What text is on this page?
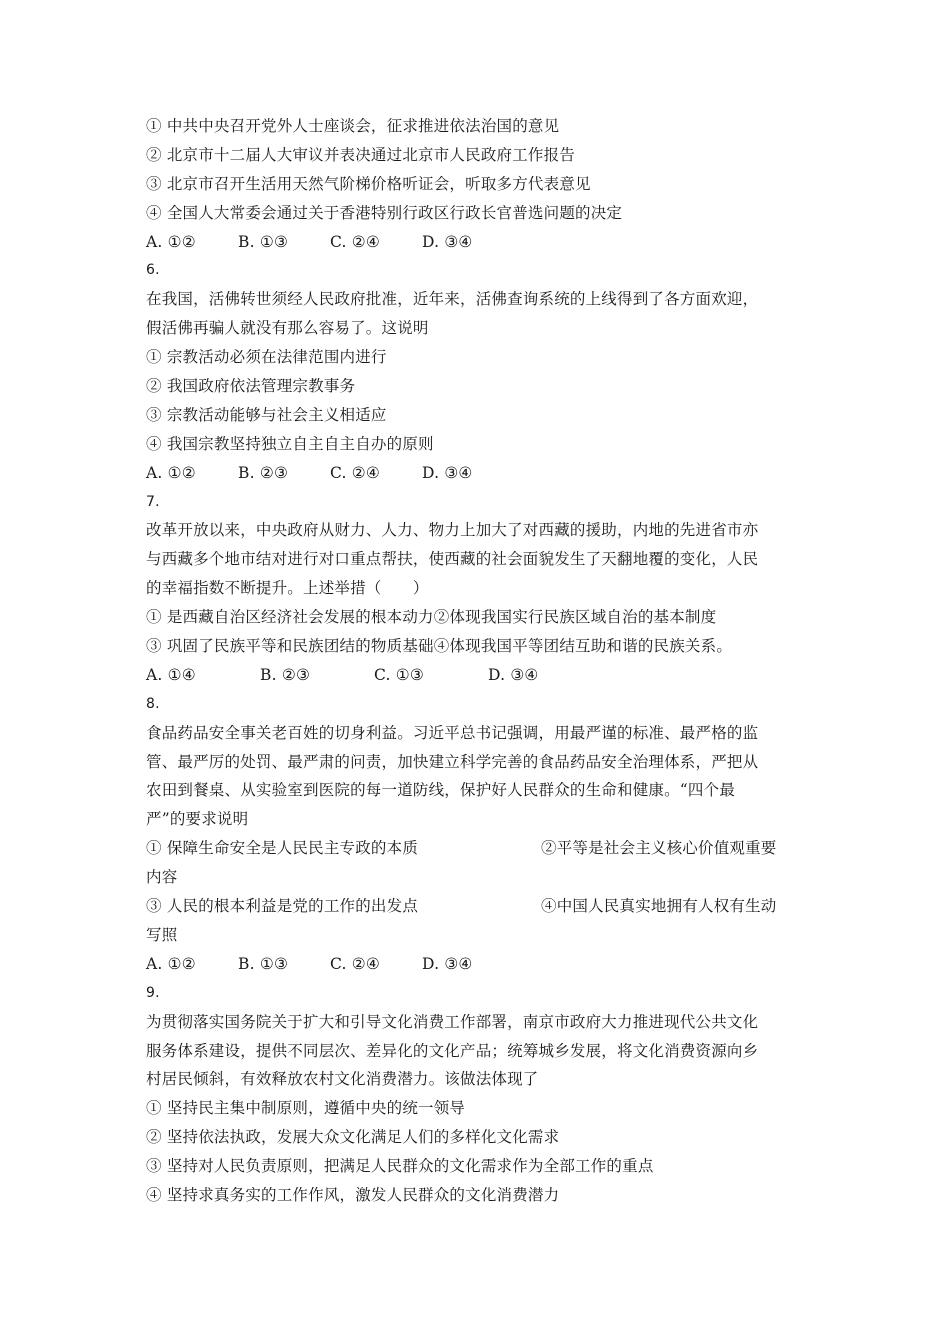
① 中共中央召开党外人士座谈会，征求推进依法治国的意见
② 北京市十二届人大审议并表决通过北京市人民政府工作报告
③ 北京市召开生活用天然气阶梯价格听证会，听取多方代表意见
④ 全国人大常委会通过关于香港特别行政区行政长官普选问题的决定
A. ①②	B. ①③	C. ②④	D. ③④
6.
在我国，活佛转世须经人民政府批准，近年来，活佛查询系统的上线得到了各方面欢迎，
假活佛再骗人就没有那么容易了。这说明
① 宗教活动必须在法律范围内进行
② 我国政府依法管理宗教事务
③ 宗教活动能够与社会主义相适应
④ 我国宗教坚持独立自主自主自办的原则
A. ①②	B. ②③	C. ②④	D. ③④
7.
改革开放以来，中央政府从财力、人力、物力上加大了对西藏的援助，内地的先进省市亦
与西藏多个地市结对进行对口重点帮扶，使西藏的社会面貌发生了天翻地覆的变化，人民
的幸福指数不断提升。上述举措（　　）
① 是西藏自治区经济社会发展的根本动力②体现我国实行民族区域自治的基本制度
③ 巩固了民族平等和民族团结的物质基础④体现我国平等团结互助和谐的民族关系。
A. ①④	B. ②③	C. ①③	D. ③④
8.
食品药品安全事关老百姓的切身利益。习近平总书记强调，用最严谨的标准、最严格的监
管、最严厉的处罚、最严肃的问责，加快建立科学完善的食品药品安全治理体系，严把从
农田到餐桌、从实验室到医院的每一道防线，保护好人民群众的生命和健康。“四个最
严”的要求说明
① 保障生命安全是人民民主专政的本质	②平等是社会主义核心价值观重要
内容
③ 人民的根本利益是党的工作的出发点	④中国人民真实地拥有人权有生动
写照
A. ①②	B. ①③	C. ②④	D. ③④
9.
为贯彻落实国务院关于扩大和引导文化消费工作部署，南京市政府大力推进现代公共文化
服务体系建设，提供不同层次、差异化的文化产品；统筹城乡发展，将文化消费资源向乡
村居民倾斜，有效释放农村文化消费潜力。该做法体现了
① 坚持民主集中制原则，遵循中央的统一领导
② 坚持依法执政，发展大众文化满足人们的多样化文化需求
③ 坚持对人民负责原则，把满足人民群众的文化需求作为全部工作的重点
④ 坚持求真务实的工作作风，激发人民群众的文化消费潜力
